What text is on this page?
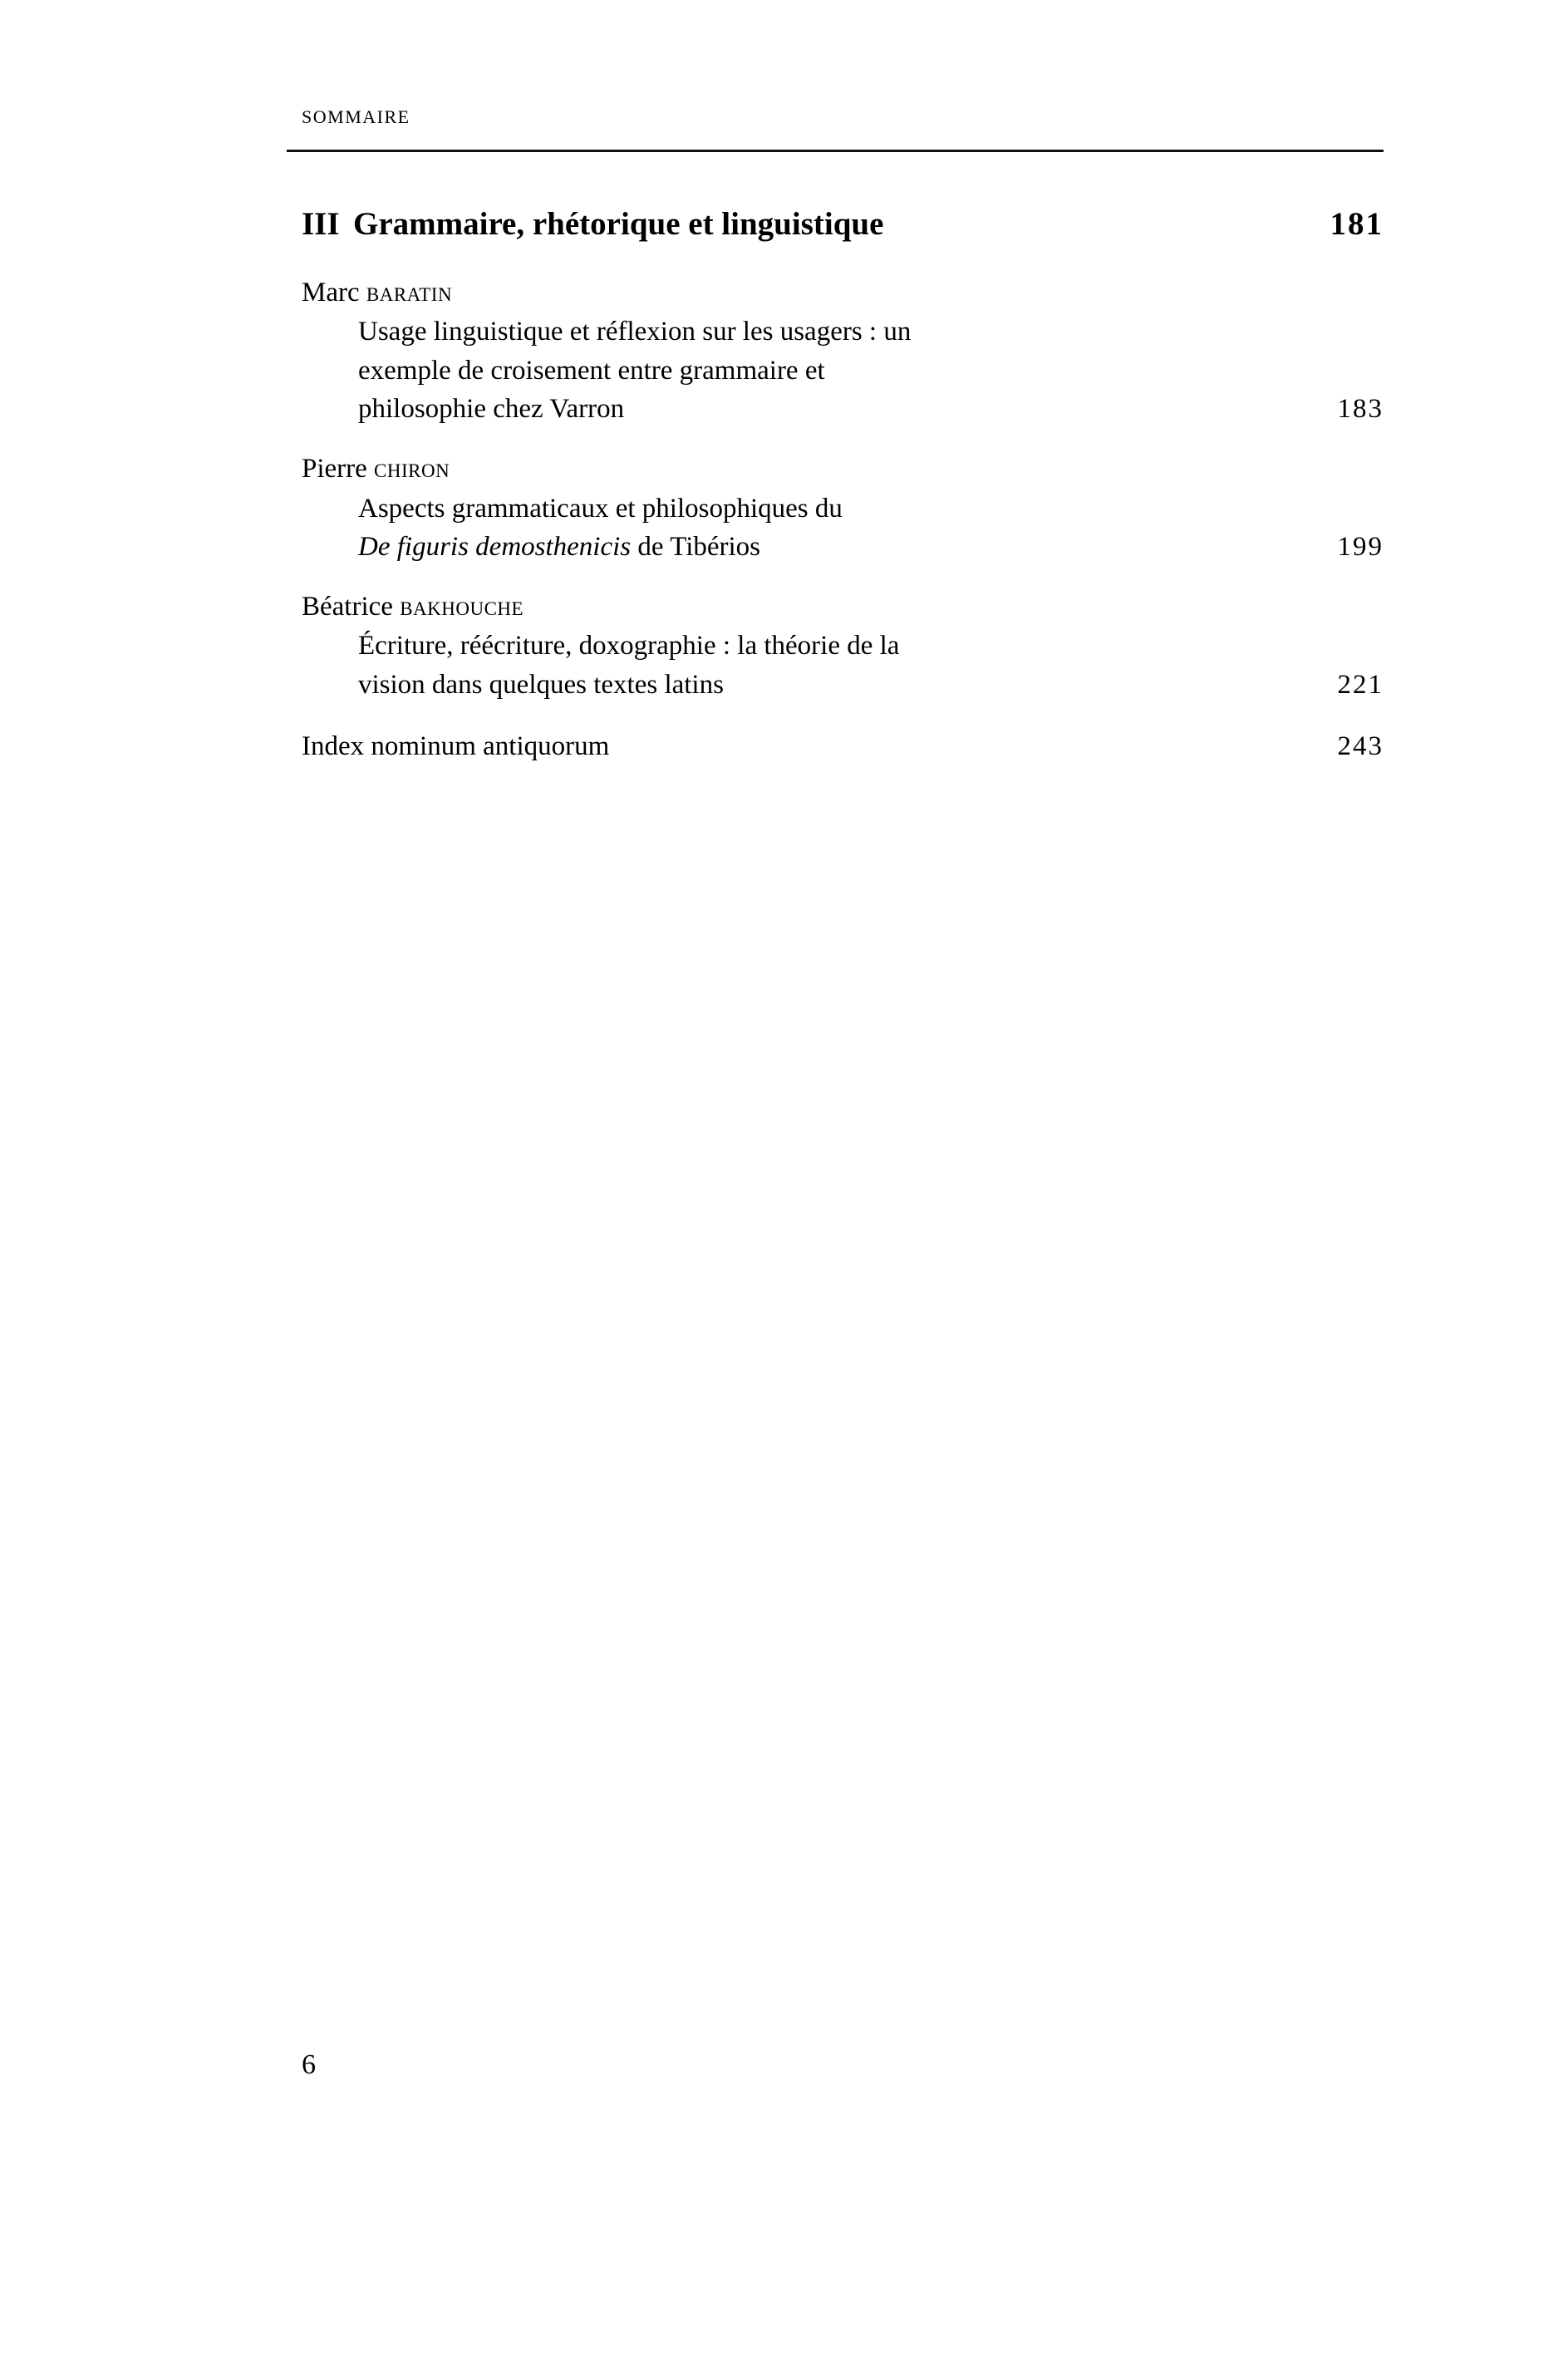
sommaire
III Grammaire, rhétorique et linguistique	181
Marc baratin
Usage linguistique et réflexion sur les usagers : un
exemple de croisement entre grammaire et
philosophie chez Varron	183
Pierre chiron
Aspects grammaticaux et philosophiques du
De figuris demosthenicis de Tibérios	199
Béatrice bakhouche
Écriture, réécriture, doxographie : la théorie de la
vision dans quelques textes latins	221
Index nominum antiquorum	243
6
